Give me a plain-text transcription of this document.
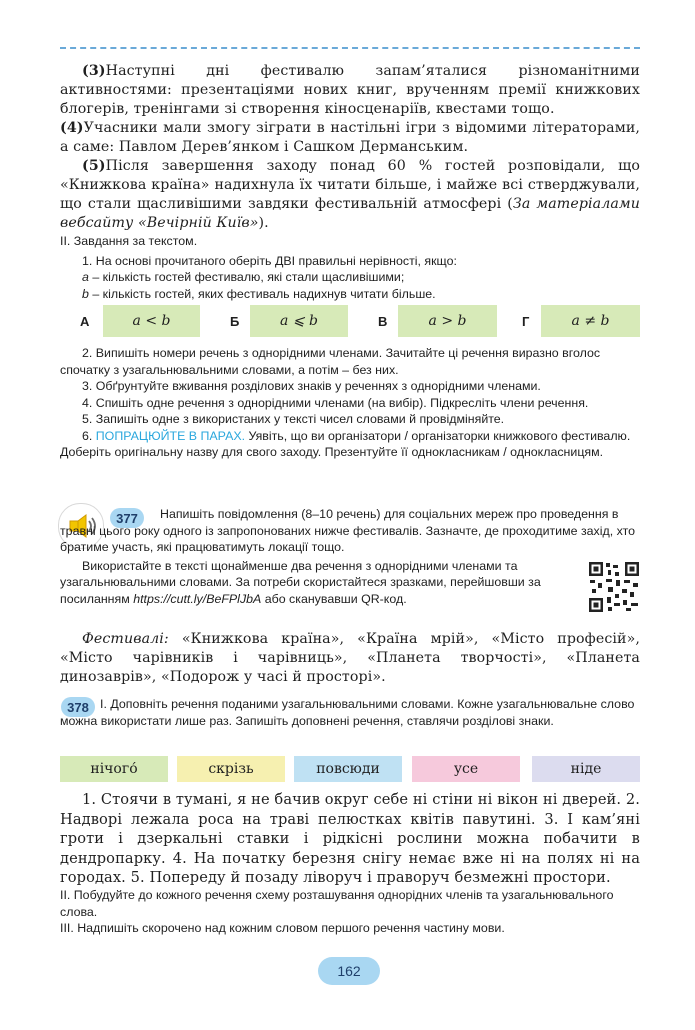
(3)Наступні дні фестивалю запам’яталися різноманітними активностями: презентаціями нових книг, врученням премії книжкових блогерів, тренінгами зі створення кіносценаріїв, квестами тощо.
(4)Учасники мали змогу зіграти в настільні ігри з відомими літераторами, а саме: Павлом Дерев’янком і Сашком Дерманським.
(5)Після завершення заходу понад 60 % гостей розповідали, що «Книжкова країна» надихнула їх читати більше, і майже всі стверджували, що стали щасливішими завдяки фестивальній атмосфері (За матеріалами вебсайту «Вечірній Київ»).

ІІ. Завдання за текстом.

1. На основі прочитаного оберіть ДВІ правильні нерівності, якщо:

a – кількість гостей фестивалю, які стали щасливішими;

b – кількість гостей, яких фестиваль надихнув читати більше.

А	a < b	Б	a ⩽ b	В	a > b	Г	a ≠ b

2. Випишіть номери речень з однорідними членами. Зачитайте ці речення виразно вголос спочатку з узагальнювальними словами, а потім – без них.

3. Обґрунтуйте вживання розділових знаків у реченнях з однорідними членами.

4. Спишіть одне речення з однорідними членами (на вибір). Підкресліть члени речення.

5. Запишіть одне з використаних у тексті чисел словами й провідміняйте.

6. ПОПРАЦЮЙТЕ В ПАРАХ. Уявіть, що ви організатори / організаторки книжкового фестивалю. Доберіть оригінальну назву для свого заходу. Презентуйте її однокласникам / однокласницям.

377	Напишіть повідомлення (8–10 речень) для соціальних мереж про проведення в травні цього року одного із запропонованих нижче фестивалів. Зазначте, де проходитиме захід, хто братиме участь, які працюватимуть локації тощо.

Використайте в тексті щонайменше два речення з однорідними членами та узагальнювальними словами. За потреби скористайтеся зразками, перейшовши за посиланням https://cutt.ly/BeFPlJbA або сканувавши QR-код.

Фестивалі: «Книжкова країна», «Країна мрій», «Місто професій», «Місто чарівників і чарівниць», «Планета творчості», «Планета динозаврів», «Подорож у часі й просторі».
378 І. Доповніть речення поданими узагальнювальними словами. Кожне узагальнювальне слово можна використати лише раз. Запишіть доповнені речення, ставлячи розділові знаки.

нічого́	скрізь	повсюди	усе	ніде
1. Стоячи в тумані, я не бачив округ себе ні стіни ні вікон ні дверей. 2. Надворі лежала роса на траві пелюстках квітів павутині. 3. І кам’яні гроти і дзеркальні ставки і рідкісні рослини можна побачити в дендропарку. 4. На початку березня снігу немає вже ні на полях ні на городах. 5. Попереду й позаду ліворуч і праворуч безмежні простори.

ІІ. Побудуйте до кожного речення схему розташування однорідних членів та узагальнювального слова.

ІІІ. Надпишіть скорочено над кожним словом першого речення частину мови.

162
